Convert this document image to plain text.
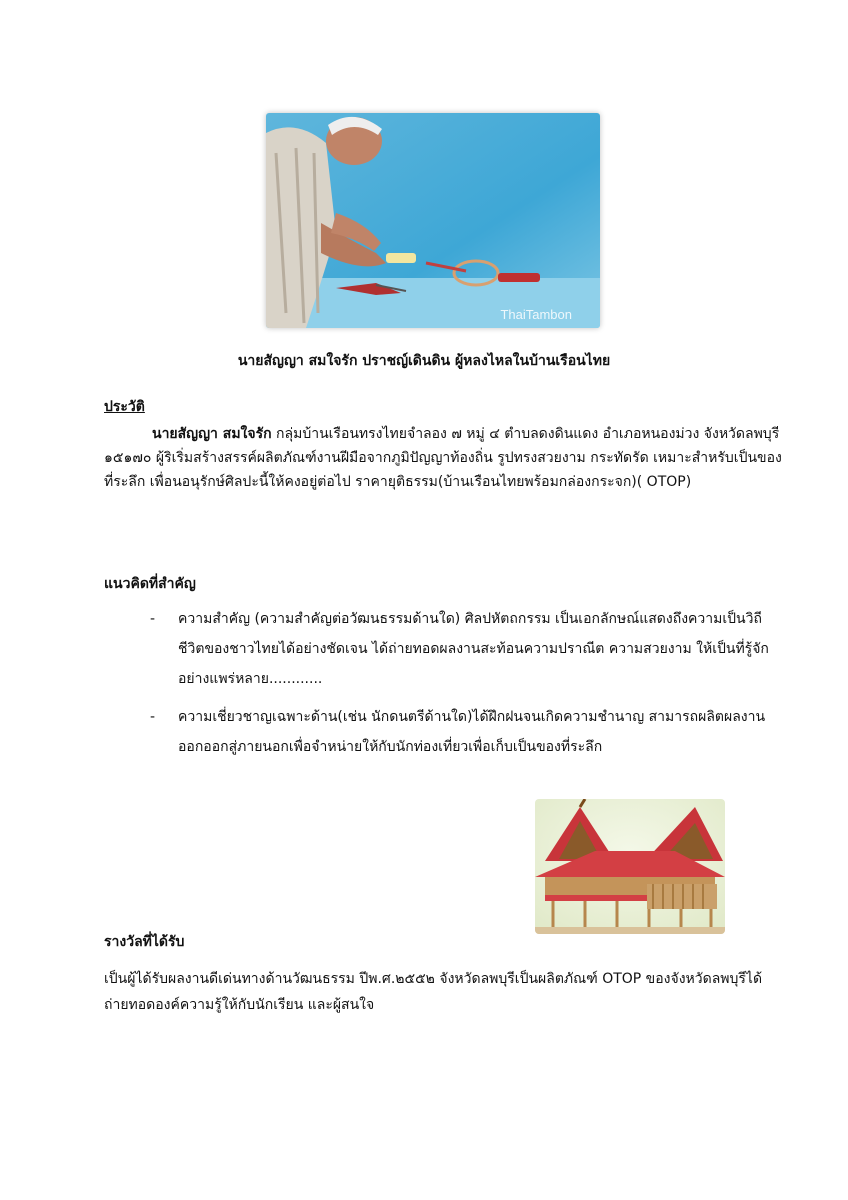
ThaiTambon
นายสัญญา สมใจรัก ปราชญ์เดินดิน ผู้หลงไหลในบ้านเรือนไทย
ประวัติ

นายสัญญา สมใจรัก กลุ่มบ้านเรือนทรงไทยจำลอง ๗ หมู่ ๔ ตำบลดงดินแดง อำเภอหนองม่วง จังหวัดลพบุรี ๑๕๑๗๐ ผู้ริเริ่มสร้างสรรค์ผลิตภัณฑ์งานฝีมือจากภูมิปัญญาท้องถิ่น รูปทรงสวยงาม กระทัดรัด เหมาะสำหรับเป็นของที่ระลึก เพื่อนอนุรักษ์ศิลปะนี้ให้คงอยู่ต่อไป ราคายุติธรรม(บ้านเรือนไทยพร้อมกล่องกระจก)( OTOP)

แนวคิดที่สำคัญ
- ความสำคัญ (ความสำคัญต่อวัฒนธรรมด้านใด) ศิลปหัตถกรรม เป็นเอกลักษณ์แสดงถึงความเป็นวิถีชีวิตของชาวไทยได้อย่างชัดเจน ได้ถ่ายทอดผลงานสะท้อนความปราณีต ความสวยงาม ให้เป็นที่รู้จักอย่างแพร่หลาย............
- ความเชี่ยวชาญเฉพาะด้าน(เช่น นักดนตรีด้านใด)ได้ฝึกฝนจนเกิดความชำนาญ สามารถผลิตผลงานออกออกสู่ภายนอกเพื่อจำหน่ายให้กับนักท่องเที่ยวเพื่อเก็บเป็นของที่ระลึก
รางวัลที่ได้รับ

เป็นผู้ได้รับผลงานดีเด่นทางด้านวัฒนธรรม ปีพ.ศ.๒๕๕๒ จังหวัดลพบุรีเป็นผลิตภัณฑ์ OTOP ของจังหวัดลพบุรีได้ถ่ายทอดองค์ความรู้ให้กับนักเรียน และผู้สนใจ
